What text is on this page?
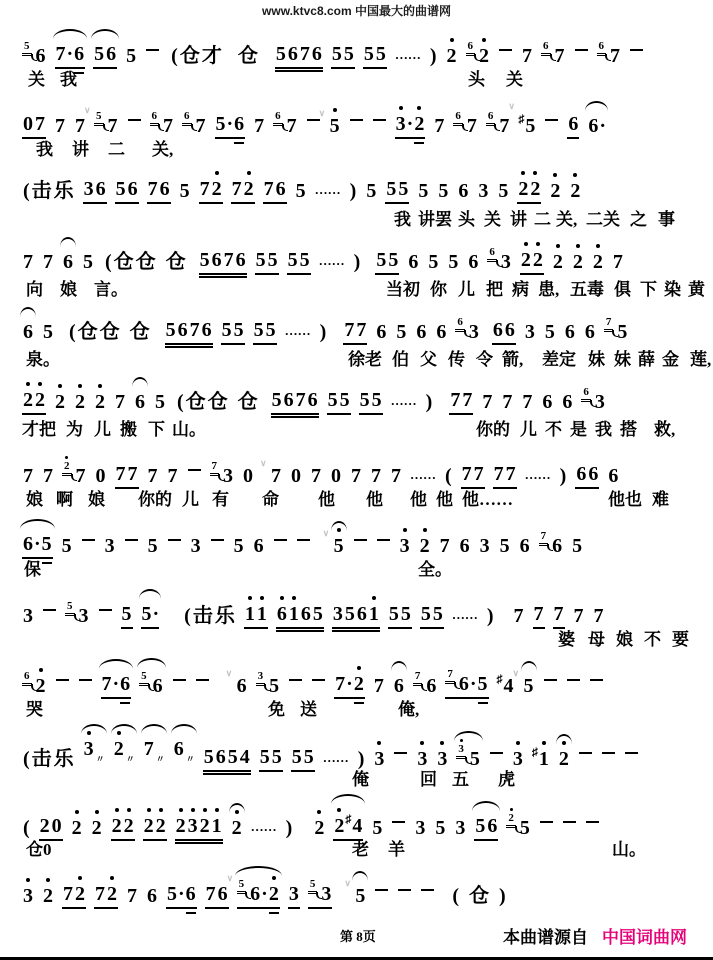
www.ktvc8.com 中国最大的曲谱网
5 6 7·6 5 6 5 ( 仓 才 仓 5 6 7 6 5 5 5 5 …… ) 2 6 2 7 6 7	6 7
关 我	头 关
0 7 7 7
∨ 5 7	6 7 6 7 5·6 7 6 7
∨
5	3
·2 7 6 7 6 7
∨
♯5 6 6·
我 讲 二 关,
( 击 乐 3 6 5 6 7 6 5 7 2 7 2 7 6 5 …… ) 5 5 5 5 5 6 3 5 2 2 2 2
我 讲罢 头 关 讲 二 关, 二关 之 事
7 7 6 5 ( 仓 仓 仓 5 6 7 6 5 5 5 5 …… ) 5 5 6 5 5 6 6 3 2 2 2 2 2 7
向 娘 言。	当初 你 儿 把 病 患, 五毒 俱 下 染 黄
6 5 ( 仓 仓 仓 5 6 7 6 5 5 5 5 …… ) 7 7 6 5 6 6 6 3 6 6 3 5 6 6 7 5
泉。	徐老 伯 父 传 令 箭, 差定 妹 妹 薛 金 莲,
2 2 2 2 2 7 6 5 ( 仓 仓 仓 5 6 7 6 5 5 5 5 …… ) 7 7 7 7 7 6 6 6 3
才把 为 儿 搬 下 山。	你的 儿 不 是 我 搭 救,
7 7 2 7 0 7 7 7 7	7 3 0
∨
7 0 7 0 7 7 7 …… ( 7 7 7 7 …… ) 6 6 6
娘 啊 娘 你的 儿 有 命 他 他 他 他 他……	他也 难
6·5 5 3 5 3 5 6
∨
5	3 2 7 6 3 5 6 7 6 5
保	全。
3	5 3 5 5· ( 击 乐 1 1 6 1 6 5 3 5 6 1 5 5 5 5 …… ) 7 7 7 7 7
婆 母 娘 不 要
6 2	7·6 5 6
∨
6 3 5	7·2 7 6 7 67 6·5 ♯4
∨
5
哭	免 送	俺,
( 击 乐 3 $_〃$ 2 $_〃$ 7 $_〃$ 6 $_〃$ 5 6 5 4 5 5 5 5 …… ) 3 3 3 3 5 3 ♯1 2
俺	回 五 虎
( 2 0 2 2 2 2 2 2 2 3 2 1 2 …… ) 2 2
♯4 5 3 5 3 5 6 2 5
仓0	老 羊	山。
3 2 7 2 7 2 7 6 5·6 7 6
∨ 5 6·2 3 5 3 ∨
5	( 仓 )
第 8页	本曲谱源自 中国词曲网
